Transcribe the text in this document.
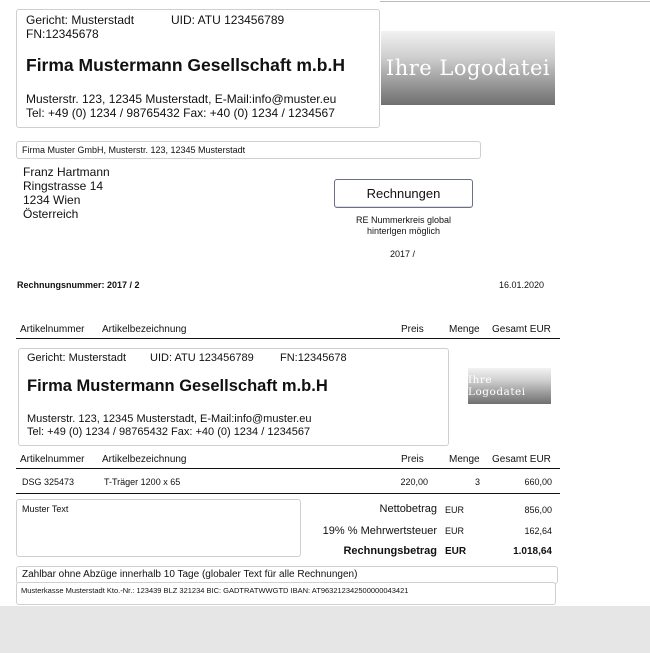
Gericht: Musterstadt	UID: ATU 123456789
FN:12345678
Firma Mustermann Gesellschaft m.b.H
Musterstr. 123, 12345 Musterstadt, E-Mail:info@muster.eu
Tel: +49 (0) 1234 / 98765432 Fax: +40 (0) 1234 / 1234567
Ihre Logodatei
Firma Muster GmbH, Musterstr. 123, 12345 Musterstadt
Franz Hartmann
Ringstrasse 14
1234 Wien
Österreich
Rechnungen
RE Nummerkreis global
hinterlgen möglich
2017 /
Rechnungsnummer: 2017 / 2	16.01.2020
Artikelnummer Artikelbezeichnung	Preis	Menge Gesamt EUR
Gericht: Musterstadt UID: ATU 123456789 FN:12345678
Firma Mustermann Gesellschaft m.b.H
Musterstr. 123, 12345 Musterstadt, E-Mail:info@muster.eu
Tel: +49 (0) 1234 / 98765432 Fax: +40 (0) 1234 / 1234567
Ihre Logodatei
Artikelnummer Artikelbezeichnung	Preis	Menge Gesamt EUR
DSG 325473	T-Träger 1200 x 65	220,00	3	660,00
Muster Text	Nettobetrag EUR	856,00
19% % Mehrwertsteuer EUR	162,64
Rechnungsbetrag EUR	1.018,64
Zahlbar ohne Abzüge innerhalb 10 Tage (globaler Text für alle Rechnungen)
Musterkasse Musterstadt Kto.-Nr.: 123439 BLZ 321234 BIC: GADTRATWWGTD IBAN: AT963212342500000043421
